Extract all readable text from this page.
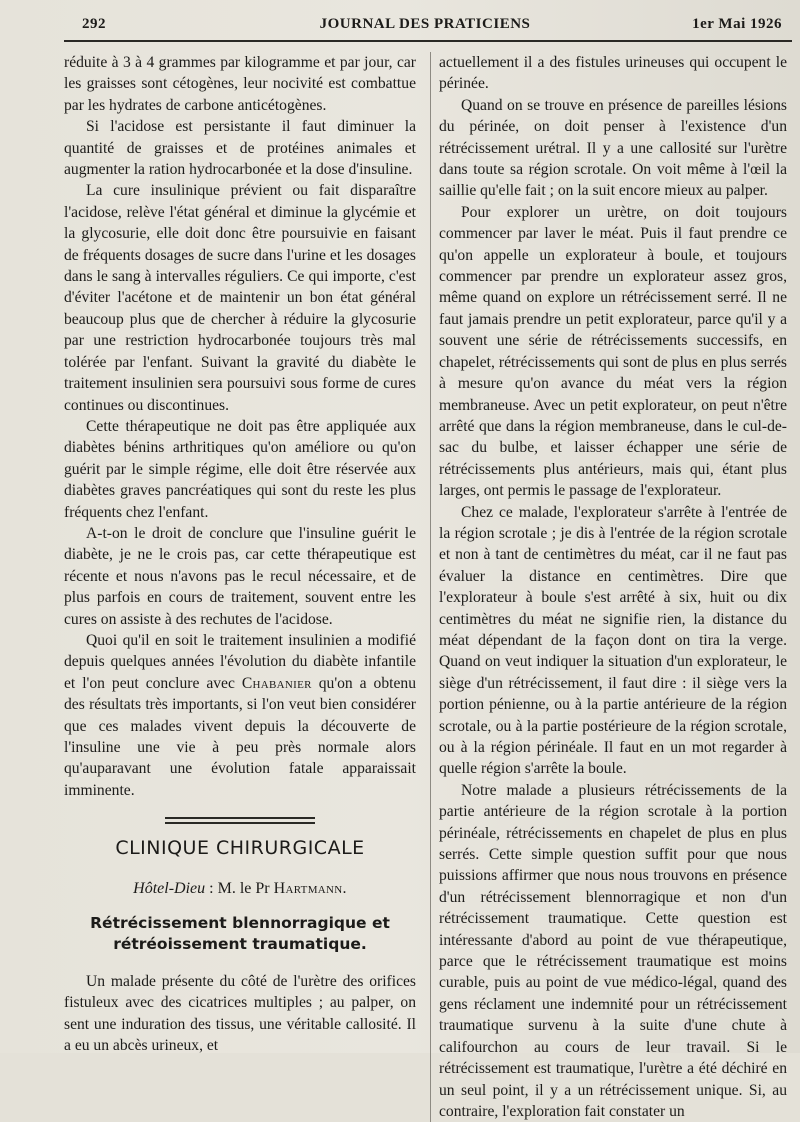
292	JOURNAL DES PRATICIENS	1er Mai 1926

réduite à 3 à 4 grammes par kilogramme et par jour, car les graisses sont cétogènes, leur nocivité est combattue par les hydrates de carbone anticétogènes.

Si l'acidose est persistante il faut diminuer la quantité de graisses et de protéines animales et augmenter la ration hydrocarbonée et la dose d'insuline.

La cure insulinique prévient ou fait disparaître l'acidose, relève l'état général et diminue la glycémie et la glycosurie, elle doit donc être poursuivie en faisant de fréquents dosages de sucre dans l'urine et les dosages dans le sang à intervalles réguliers. Ce qui importe, c'est d'éviter l'acétone et de maintenir un bon état général beaucoup plus que de chercher à réduire la glycosurie par une restriction hydrocarbonée toujours très mal tolérée par l'enfant. Suivant la gravité du diabète le traitement insulinien sera poursuivi sous forme de cures continues ou discontinues.

Cette thérapeutique ne doit pas être appliquée aux diabètes bénins arthritiques qu'on améliore ou qu'on guérit par le simple régime, elle doit être réservée aux diabètes graves pancréatiques qui sont du reste les plus fréquents chez l'enfant.

A-t-on le droit de conclure que l'insuline guérit le diabète, je ne le crois pas, car cette thérapeutique est récente et nous n'avons pas le recul nécessaire, et de plus parfois en cours de traitement, souvent entre les cures on assiste à des rechutes de l'acidose.

Quoi qu'il en soit le traitement insulinien a modifié depuis quelques années l'évolution du diabète infantile et l'on peut conclure avec Chabanier qu'on a obtenu des résultats très importants, si l'on veut bien considérer que ces malades vivent depuis la découverte de l'insuline une vie à peu près normale alors qu'auparavant une évolution fatale apparaissait imminente.

CLINIQUE CHIRURGICALE
Hôtel-Dieu : M. le Pr Hartmann.
Rétrécissement blennorragique et
rétréoissement traumatique.

Un malade présente du côté de l'urètre des orifices fistuleux avec des cicatrices multiples ; au palper, on sent une induration des tissus, une véritable callosité. Il a eu un abcès urineux, et

actuellement il a des fistules urineuses qui occupent le périnée.

Quand on se trouve en présence de pareilles lésions du périnée, on doit penser à l'existence d'un rétrécissement urétral. Il y a une callosité sur l'urètre dans toute sa région scrotale. On voit même à l'œil la saillie qu'elle fait ; on la suit encore mieux au palper.

Pour explorer un urètre, on doit toujours commencer par laver le méat. Puis il faut prendre ce qu'on appelle un explorateur à boule, et toujours commencer par prendre un explorateur assez gros, même quand on explore un rétrécissement serré. Il ne faut jamais prendre un petit explorateur, parce qu'il y a souvent une série de rétrécissements successifs, en chapelet, rétrécissements qui sont de plus en plus serrés à mesure qu'on avance du méat vers la région membraneuse. Avec un petit explorateur, on peut n'être arrêté que dans la région membraneuse, dans le cul-de-sac du bulbe, et laisser échapper une série de rétrécissements plus antérieurs, mais qui, étant plus larges, ont permis le passage de l'explorateur.

Chez ce malade, l'explorateur s'arrête à l'entrée de la région scrotale ; je dis à l'entrée de la région scrotale et non à tant de centimètres du méat, car il ne faut pas évaluer la distance en centimètres. Dire que l'explorateur à boule s'est arrêté à six, huit ou dix centimètres du méat ne signifie rien, la distance du méat dépendant de la façon dont on tira la verge. Quand on veut indiquer la situation d'un explorateur, le siège d'un rétrécissement, il faut dire : il siège vers la portion pénienne, ou à la partie antérieure de la région scrotale, ou à la partie postérieure de la région scrotale, ou à la région périnéale. Il faut en un mot regarder à quelle région s'arrête la boule.

Notre malade a plusieurs rétrécissements de la partie antérieure de la région scrotale à la portion périnéale, rétrécissements en chapelet de plus en plus serrés. Cette simple question suffit pour que nous puissions affirmer que nous nous trouvons en présence d'un rétrécissement blennorragique et non d'un rétrécissement traumatique. Cette question est intéressante d'abord au point de vue thérapeutique, parce que le rétrécissement traumatique est moins curable, puis au point de vue médico-légal, quand des gens réclament une indemnité pour un rétrécissement traumatique survenu à la suite d'une chute à califourchon au cours de leur travail. Si le rétrécissement est traumatique, l'urètre a été déchiré en un seul point, il y a un rétrécissement unique. Si, au contraire, l'exploration fait constater un
